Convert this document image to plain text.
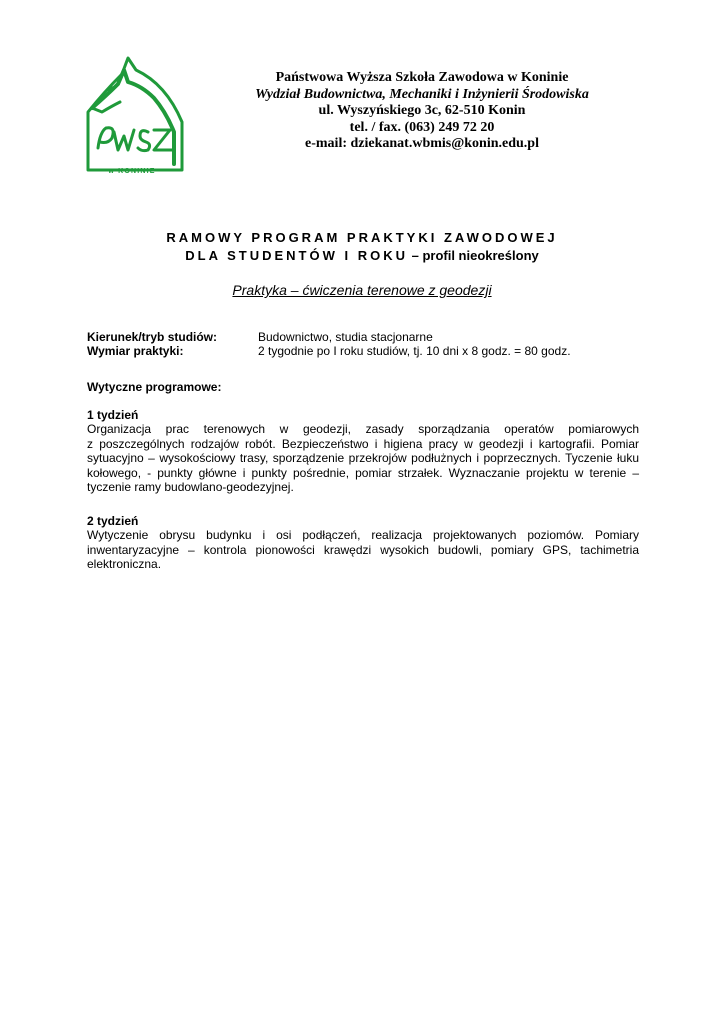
w KONINIE
Państwowa Wyższa Szkoła Zawodowa w Koninie
Wydział Budownictwa, Mechaniki i Inżynierii Środowiska
ul. Wyszyńskiego 3c, 62-510 Konin
tel. / fax. (063) 249 72 20
e-mail: dziekanat.wbmis@konin.edu.pl
RAMOWY PROGRAM PRAKTYKI ZAWODOWEJ
DLA STUDENTÓW I ROKU – profil nieokreślony
Praktyka – ćwiczenia terenowe z geodezji
Kierunek/tryb studiów:	Budownictwo, studia stacjonarne
Wymiar praktyki:	2 tygodnie po I roku studiów, tj. 10 dni x 8 godz. = 80 godz.
Wytyczne programowe:
1 tydzień
Organizacja prac terenowych w geodezji, zasady sporządzania operatów pomiarowych
z poszczególnych rodzajów robót. Bezpieczeństwo i higiena pracy w geodezji i kartografii. Pomiar
sytuacyjno – wysokościowy trasy, sporządzenie przekrojów podłużnych i poprzecznych. Tyczenie łuku
kołowego, - punkty główne i punkty pośrednie, pomiar strzałek. Wyznaczanie projektu w terenie –
tyczenie ramy budowlano-geodezyjnej.
2 tydzień
Wytyczenie obrysu budynku i osi podłączeń, realizacja projektowanych poziomów. Pomiary
inwentaryzacyjne – kontrola pionowości krawędzi wysokich budowli, pomiary GPS, tachimetria
elektroniczna.
